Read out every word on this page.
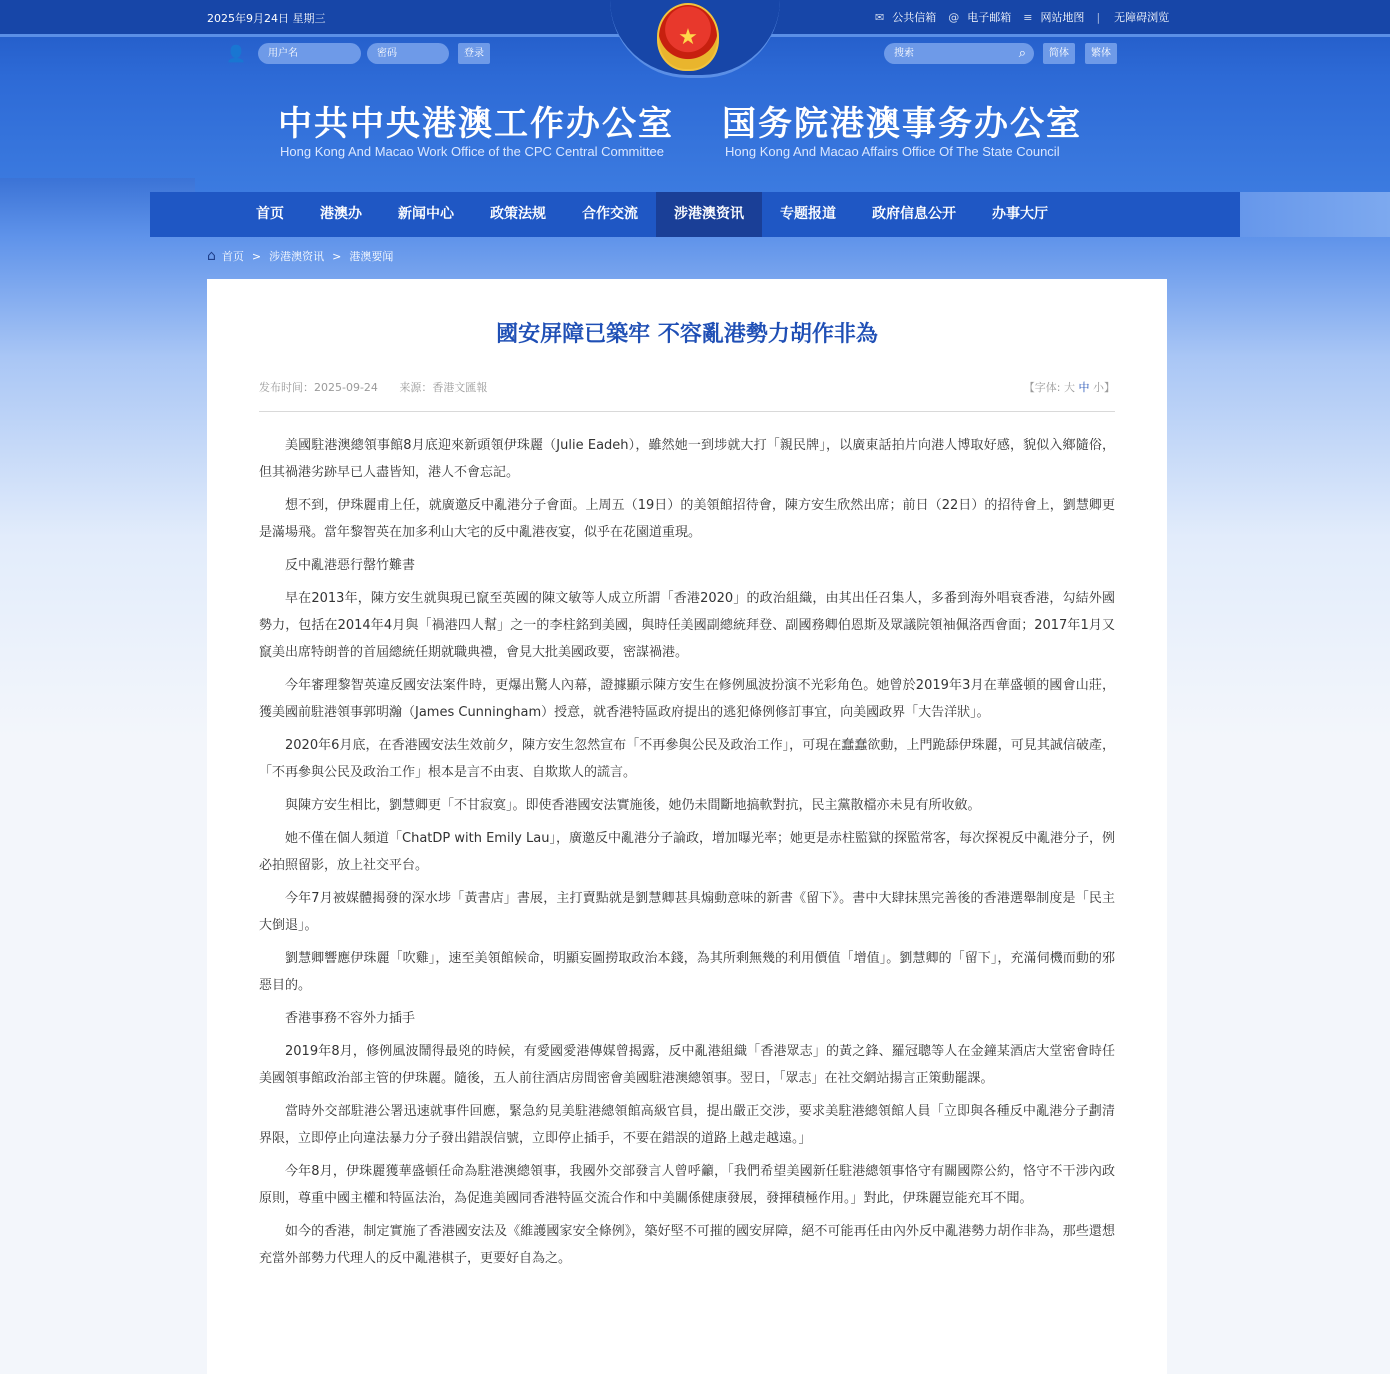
2025年9月24日 星期三	✉ 公共信箱 @ 电子邮箱 ≡ 网站地图 | 无障碍浏览
★
👤	用户名	密码	登录	搜索	⌕	简体	繁体
中共中央港澳工作办公室
Hong Kong And Macao Work Office of the CPC Central Committee
国务院港澳事务办公室
Hong Kong And Macao Affairs Office Of The State Council
首页	港澳办	新闻中心	政策法规	合作交流	涉港澳资讯	专题报道	政府信息公开	办事大厅
⌂ 首页 > 涉港澳资讯 > 港澳要闻
國安屏障已築牢 不容亂港勢力胡作非為
发布时间：2025-09-24 来源：香港文匯報	【字体: 大 中 小】

美國駐港澳總領事館8月底迎來新頭領伊珠麗（Julie Eadeh），雖然她一到埗就大打「親民牌」，以廣東話拍片向港人博取好感，貌似入鄉隨俗，但其禍港劣跡早已人盡皆知，港人不會忘記。

想不到，伊珠麗甫上任，就廣邀反中亂港分子會面。上周五（19日）的美領館招待會，陳方安生欣然出席；前日（22日）的招待會上，劉慧卿更是滿場飛。當年黎智英在加多利山大宅的反中亂港夜宴，似乎在花園道重現。

反中亂港惡行罄竹難書

早在2013年，陳方安生就與現已竄至英國的陳文敏等人成立所謂「香港2020」的政治組織，由其出任召集人，多番到海外唱衰香港，勾結外國勢力，包括在2014年4月與「禍港四人幫」之一的李柱銘到美國，與時任美國副總統拜登、副國務卿伯恩斯及眾議院領袖佩洛西會面；2017年1月又竄美出席特朗普的首屆總統任期就職典禮，會見大批美國政要，密謀禍港。

今年審理黎智英違反國安法案件時，更爆出驚人內幕，證據顯示陳方安生在修例風波扮演不光彩角色。她曾於2019年3月在華盛頓的國會山莊，獲美國前駐港領事郭明瀚（James Cunningham）授意，就香港特區政府提出的逃犯條例修訂事宜，向美國政界「大告洋狀」。

2020年6月底，在香港國安法生效前夕，陳方安生忽然宣布「不再參與公民及政治工作」，可現在蠢蠢欲動，上門跪舔伊珠麗，可見其誠信破產，「不再參與公民及政治工作」根本是言不由衷、自欺欺人的謊言。

與陳方安生相比，劉慧卿更「不甘寂寞」。即使香港國安法實施後，她仍未間斷地搞軟對抗，民主黨散檔亦未見有所收斂。

她不僅在個人頻道「ChatDP with Emily Lau」，廣邀反中亂港分子論政，增加曝光率；她更是赤柱監獄的探監常客，每次探視反中亂港分子，例必拍照留影，放上社交平台。

今年7月被媒體揭發的深水埗「黃書店」書展，主打賣點就是劉慧卿甚具煽動意味的新書《留下》。書中大肆抹黑完善後的香港選舉制度是「民主大倒退」。

劉慧卿響應伊珠麗「吹雞」，速至美領館候命，明顯妄圖撈取政治本錢，為其所剩無幾的利用價值「增值」。劉慧卿的「留下」，充滿伺機而動的邪惡目的。

香港事務不容外力插手

2019年8月，修例風波鬧得最兇的時候，有愛國愛港傳媒曾揭露，反中亂港組織「香港眾志」的黃之鋒、羅冠聰等人在金鐘某酒店大堂密會時任美國領事館政治部主管的伊珠麗。隨後，五人前往酒店房間密會美國駐港澳總領事。翌日，「眾志」在社交網站揚言正策動罷課。

當時外交部駐港公署迅速就事件回應，緊急約見美駐港總領館高級官員，提出嚴正交涉，要求美駐港總領館人員「立即與各種反中亂港分子劃清界限，立即停止向違法暴力分子發出錯誤信號，立即停止插手，不要在錯誤的道路上越走越遠。」

今年8月，伊珠麗獲華盛頓任命為駐港澳總領事，我國外交部發言人曾呼籲，「我們希望美國新任駐港總領事恪守有關國際公約，恪守不干涉內政原則，尊重中國主權和特區法治，為促進美國同香港特區交流合作和中美關係健康發展，發揮積極作用。」對此，伊珠麗豈能充耳不聞。

如今的香港，制定實施了香港國安法及《維護國家安全條例》，築好堅不可摧的國安屏障，絕不可能再任由內外反中亂港勢力胡作非為，那些還想充當外部勢力代理人的反中亂港棋子，更要好自為之。
